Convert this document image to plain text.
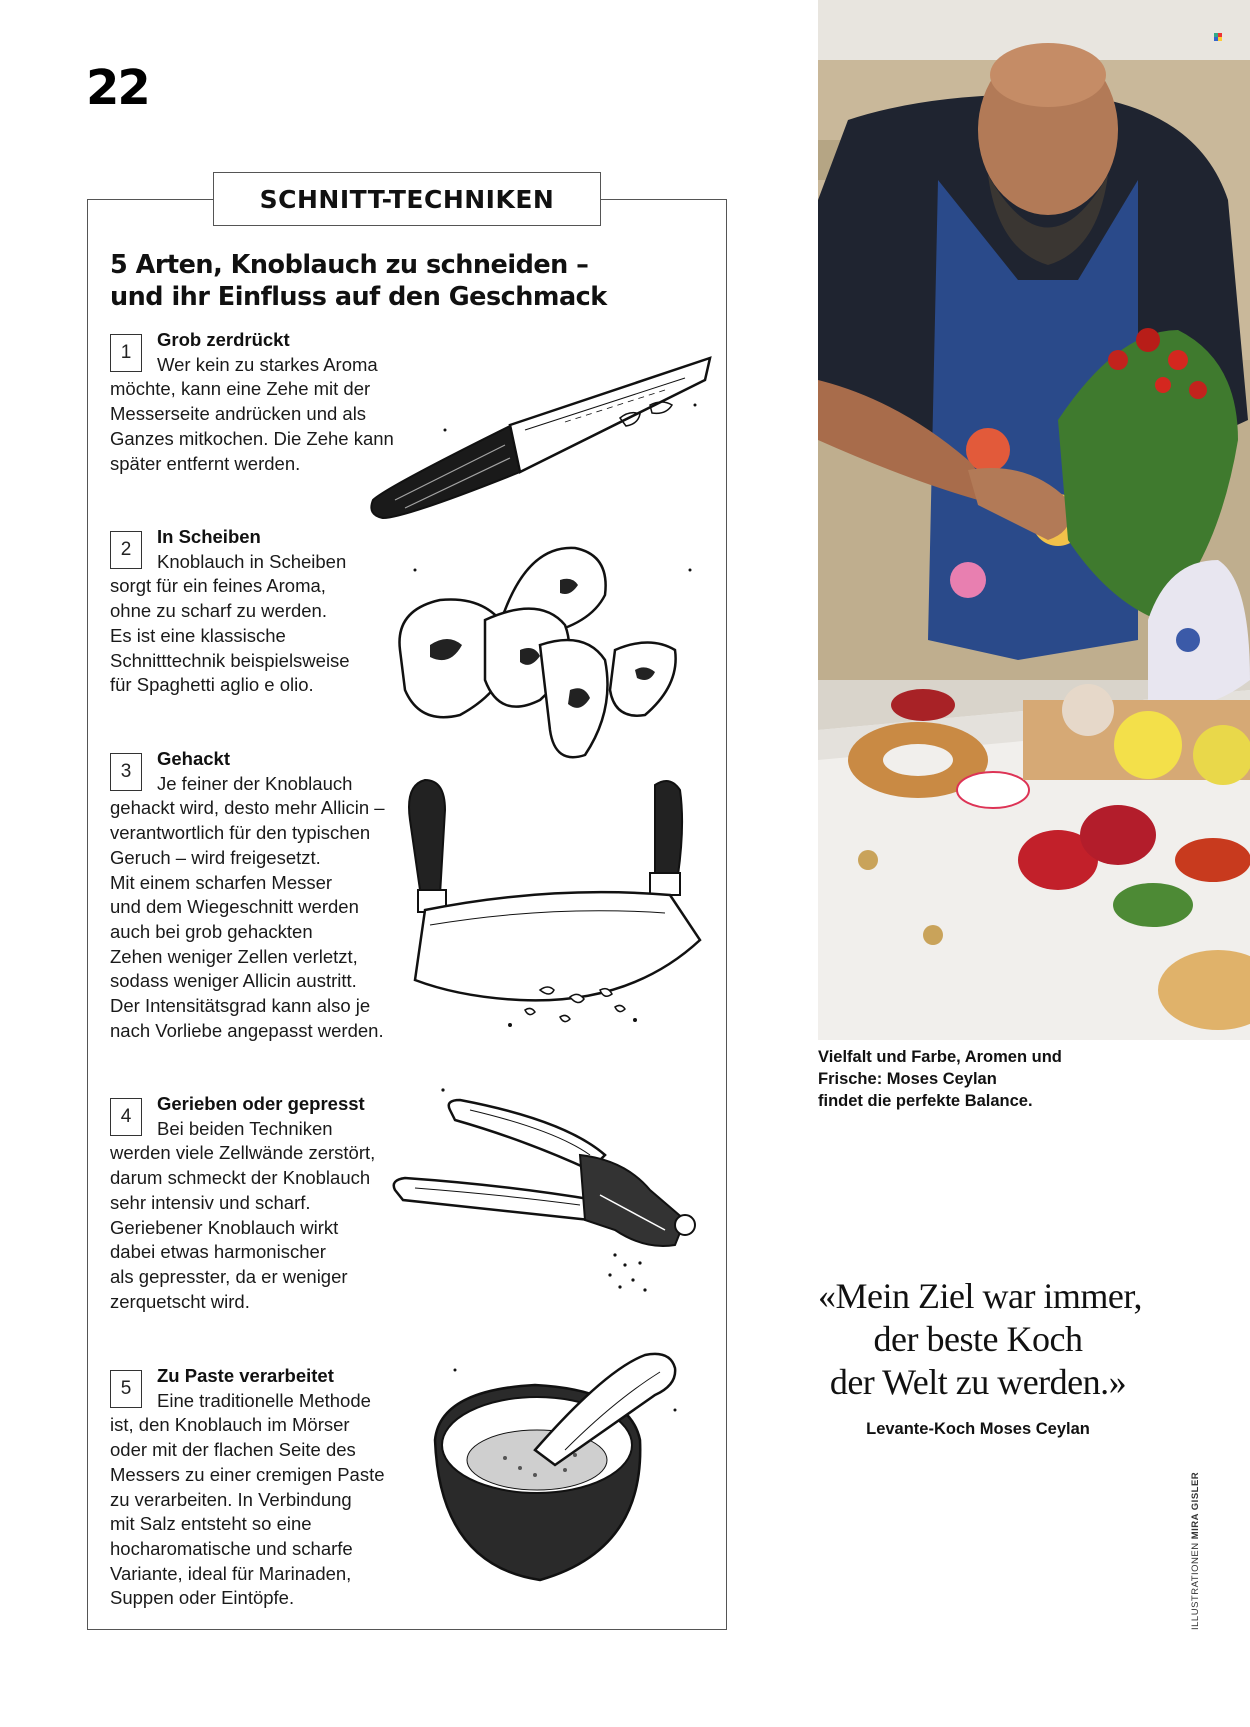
22
SCHNITT-TECHNIKEN
5 Arten, Knoblauch zu schneiden –
und ihr Einfluss auf den Geschmack
1
Grob zerdrückt
Wer kein zu starkes Aroma
möchte, kann eine Zehe mit der
Messerseite andrücken und als
Ganzes mitkochen. Die Zehe kann
später entfernt werden.
2
In Scheiben
Knoblauch in Scheiben
sorgt für ein feines Aroma,
ohne zu scharf zu werden.
Es ist eine klassische
Schnitttechnik beispielsweise
für Spaghetti aglio e olio.
3
Gehackt
Je feiner der Knoblauch
gehackt wird, desto mehr Allicin –
verantwortlich für den typischen
Geruch – wird freigesetzt.
Mit einem scharfen Messer
und dem Wiegeschnitt werden
auch bei grob gehackten
Zehen weniger Zellen verletzt,
sodass weniger Allicin austritt.
Der Intensitätsgrad kann also je
nach Vorliebe angepasst werden.
4
Gerieben oder gepresst
Bei beiden Techniken
werden viele Zellwände zerstört,
darum schmeckt der Knoblauch
sehr intensiv und scharf.
Geriebener Knoblauch wirkt
dabei etwas harmonischer
als gepresster, da er weniger
zerquetscht wird.
5
Zu Paste verarbeitet
Eine traditionelle Methode
ist, den Knoblauch im Mörser
oder mit der flachen Seite des
Messers zu einer cremigen Paste
zu verarbeiten. In Verbindung
mit Salz entsteht so eine
hocharomatische und scharfe
Variante, ideal für Marinaden,
Suppen oder Eintöpfe.
Vielfalt und Farbe, Aromen und
Frische: Moses Ceylan
findet die perfekte Balance.
«Mein Ziel war immer,
der beste Koch
der Welt zu werden.»
Levante-Koch Moses Ceylan
ILLUSTRATIONEN MIRA GISLER
